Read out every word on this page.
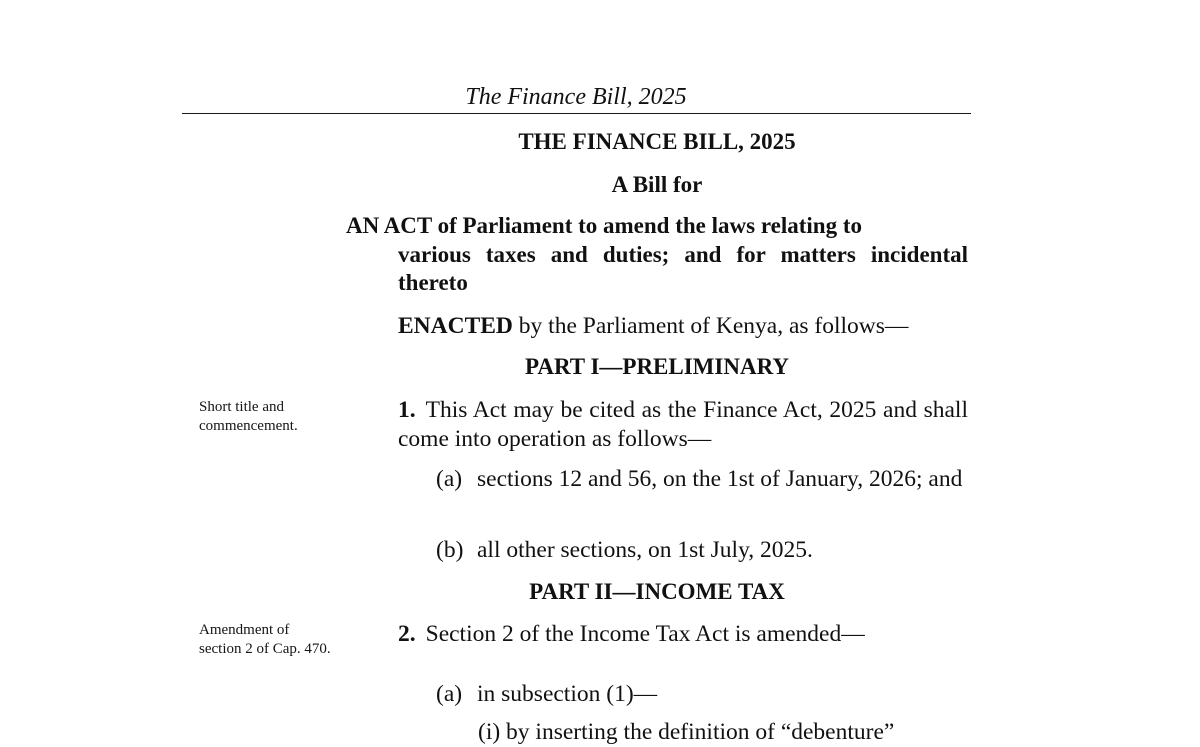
The Finance Bill, 2025
THE FINANCE BILL, 2025
A Bill for
AN ACT of Parliament to amend the laws relating to
various taxes and duties; and for matters incidental thereto
ENACTED by the Parliament of Kenya, as follows—
PART I—PRELIMINARY
Short title and commencement.
1. This Act may be cited as the Finance Act, 2025 and shall come into operation as follows—
(a) sections 12 and 56, on the 1st of January, 2026; and
(b) all other sections, on 1st July, 2025.
PART II—INCOME TAX
Amendment of section 2 of Cap. 470.
2. Section 2 of the Income Tax Act is amended—
(a) in subsection (1)—
(i) by inserting the definition of “debenture”
